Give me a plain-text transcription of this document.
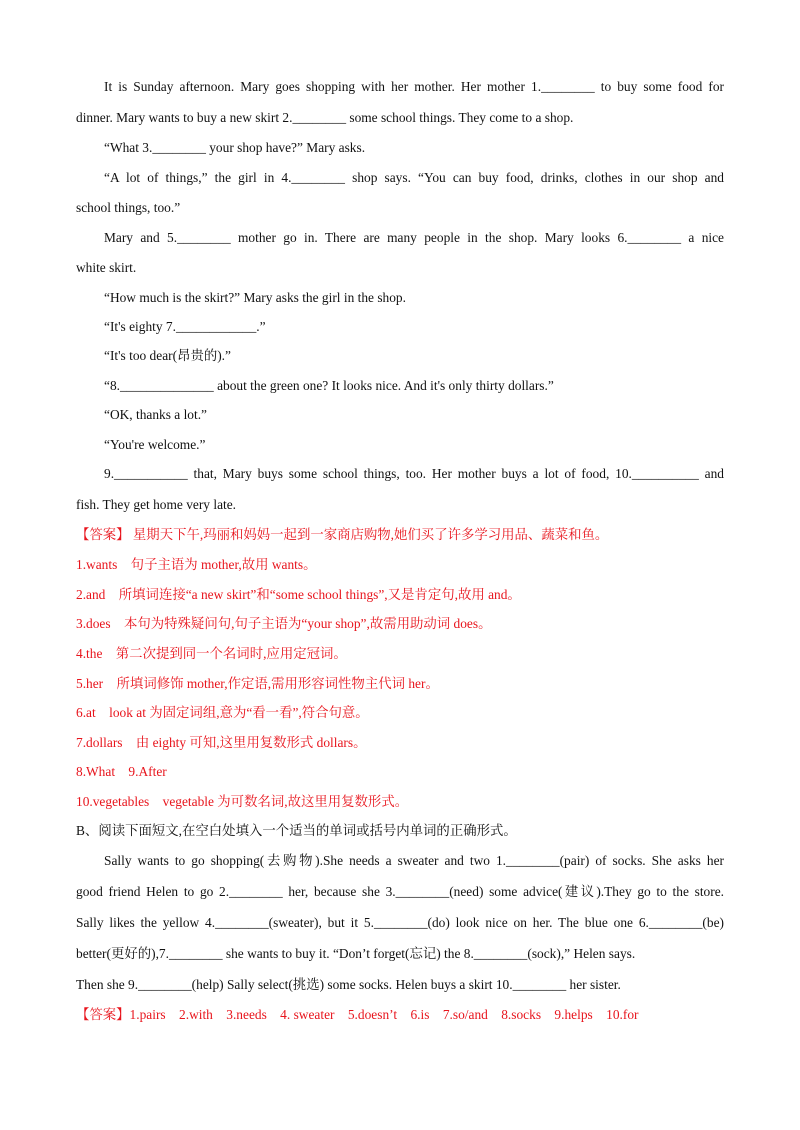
It is Sunday afternoon. Mary goes shopping with her mother. Her mother 1.________ to buy some food for
dinner. Mary wants to buy a new skirt 2.________ some school things. They come to a shop.
“What 3.________ your shop have?” Mary asks.
“A lot of things,” the girl in 4.________ shop says. “You can buy food, drinks, clothes in our shop and
school things, too.”
Mary and 5.________ mother go in. There are many people in the shop. Mary looks 6.________ a nice
white skirt.
“How much is the skirt?” Mary asks the girl in the shop.
“It's eighty 7.____________.”
“It's too dear(昂贵的).”
“8.______________ about the green one? It looks nice. And it's only thirty dollars.”
“OK, thanks a lot.”
“You're welcome.”
9.___________ that, Mary buys some school things, too. Her mother buys a lot of food, 10.__________ and
fish. They get home very late.
【答案】 星期天下午,玛丽和妈妈一起到一家商店购物,她们买了许多学习用品、蔬菜和鱼。
1.wants　句子主语为 mother,故用 wants。
2.and　所填词连接“a new skirt”和“some school things”,又是肯定句,故用 and。
3.does　本句为特殊疑问句,句子主语为“your shop”,故需用助动词 does。
4.the　第二次提到同一个名词时,应用定冠词。
5.her　所填词修饰 mother,作定语,需用形容词性物主代词 her。
6.at　look at 为固定词组,意为“看一看”,符合句意。
7.dollars　由 eighty 可知,这里用复数形式 dollars。
8.What　9.After
10.vegetables　vegetable 为可数名词,故这里用复数形式。
B、阅读下面短文,在空白处填入一个适当的单词或括号内单词的正确形式。
Sally wants to go shopping(去购物).She needs a sweater and two 1.________(pair) of socks. She asks her
good friend Helen to go 2.________ her, because she 3.________(need) some advice(建议).They go to the store.
Sally likes the yellow 4.________(sweater), but it 5.________(do) look nice on her. The blue one 6.________(be)
better(更好的),7.________ she wants to buy it. “Don’t forget(忘记) the 8.________(sock),” Helen says.
Then she 9.________(help) Sally select(挑选) some socks. Helen buys a skirt 10.________ her sister.
【答案】1.pairs　2.with　3.needs　4. sweater　5.doesn’t　6.is　7.so/and　8.socks　9.helps　10.for
